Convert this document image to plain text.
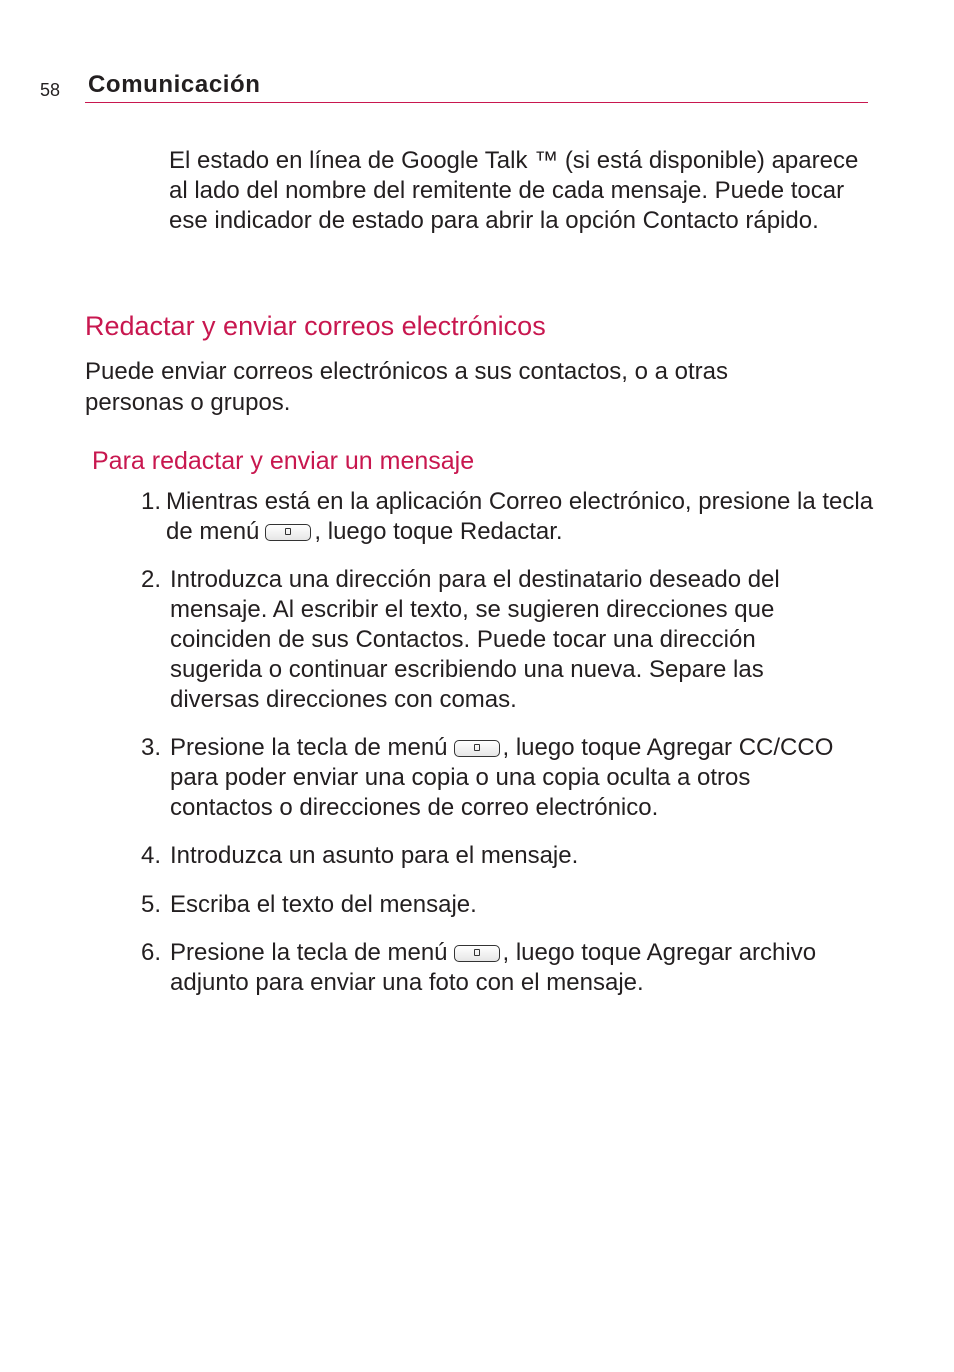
58 Comunicación

El estado en línea de Google Talk ™ (si está disponible) aparece al lado del nombre del remitente de cada mensaje. Puede tocar ese indicador de estado para abrir la opción Contacto rápido.

Redactar y enviar correos electrónicos

Puede enviar correos electrónicos a sus contactos, o a otras personas o grupos.

Para redactar y enviar un mensaje
1. Mientras está en la aplicación Correo electrónico, presione la tecla de menú , luego toque Redactar.
2. Introduzca una dirección para el destinatario deseado del mensaje. Al escribir el texto, se sugieren direcciones que coinciden de sus Contactos. Puede tocar una dirección sugerida o continuar escribiendo una nueva. Separe las diversas direcciones con comas.
3. Presione la tecla de menú , luego toque Agregar CC/CCO para poder enviar una copia o una copia oculta a otros contactos o direcciones de correo electrónico.
4. Introduzca un asunto para el mensaje.
5. Escriba el texto del mensaje.
6. Presione la tecla de menú , luego toque Agregar archivo adjunto para enviar una foto con el mensaje.
